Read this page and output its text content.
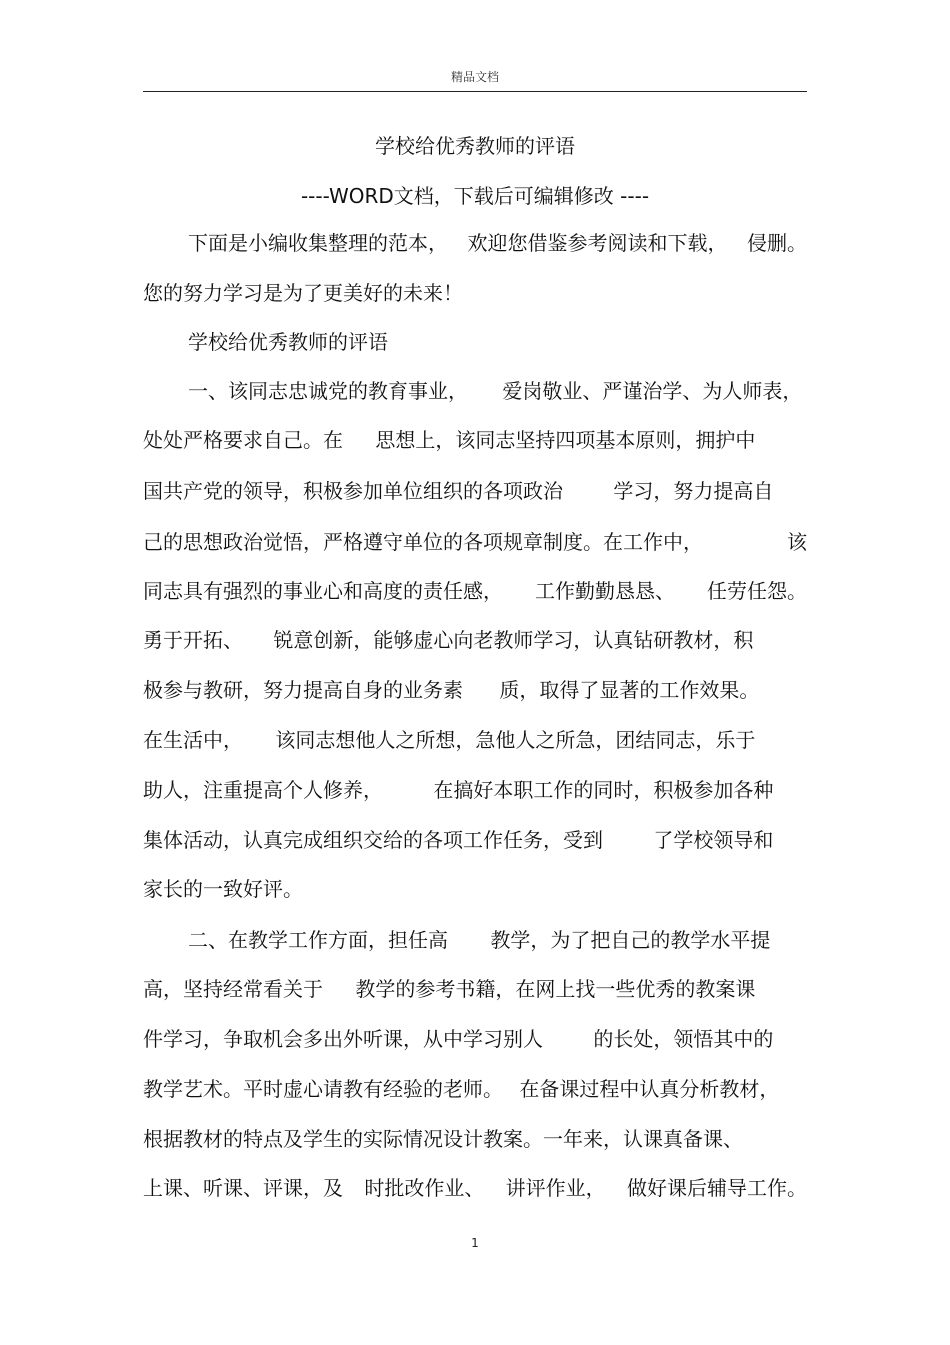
精品文档
学校给优秀教师的评语
----WORD文档，下载后可编辑修改 ----
下面是小编收集整理的范本， 欢迎您借鉴参考阅读和下载， 侵删。
您的努力学习是为了更美好的未来！
学校给优秀教师的评语
一、该同志忠诚党的教育事业， 爱岗敬业、严谨治学、为人师表，
处处严格要求自己。在 思想上，该同志坚持四项基本原则，拥护中
国共产党的领导，积极参加单位组织的各项政治	学习，努力提高自
己的思想政治觉悟，严格遵守单位的各项规章制度。在工作中，	该
同志具有强烈的事业心和高度的责任感， 工作勤勤恳恳、 任劳任怨。
勇于开拓、 锐意创新，能够虚心向老教师学习，认真钻研教材，积
极参与教研，努力提高自身的业务素 质，取得了显著的工作效果。
在生活中， 该同志想他人之所想，急他人之所急，团结同志，乐于
助人，注重提高个人修养，	在搞好本职工作的同时，积极参加各种
集体活动，认真完成组织交给的各项工作任务，受到	了学校领导和
家长的一致好评。
二、在教学工作方面，担任高 教学，为了把自己的教学水平提
高，坚持经常看关于 教学的参考书籍，在网上找一些优秀的教案课
件学习，争取机会多出外听课，从中学习别人	的长处，领悟其中的
教学艺术。平时虚心请教有经验的老师。 在备课过程中认真分析教材，
根据教材的特点及学生的实际情况设计教案。一年来，认课真备课、
上课、听课、评课，及 时批改作业、 讲评作业， 做好课后辅导工作。
1
